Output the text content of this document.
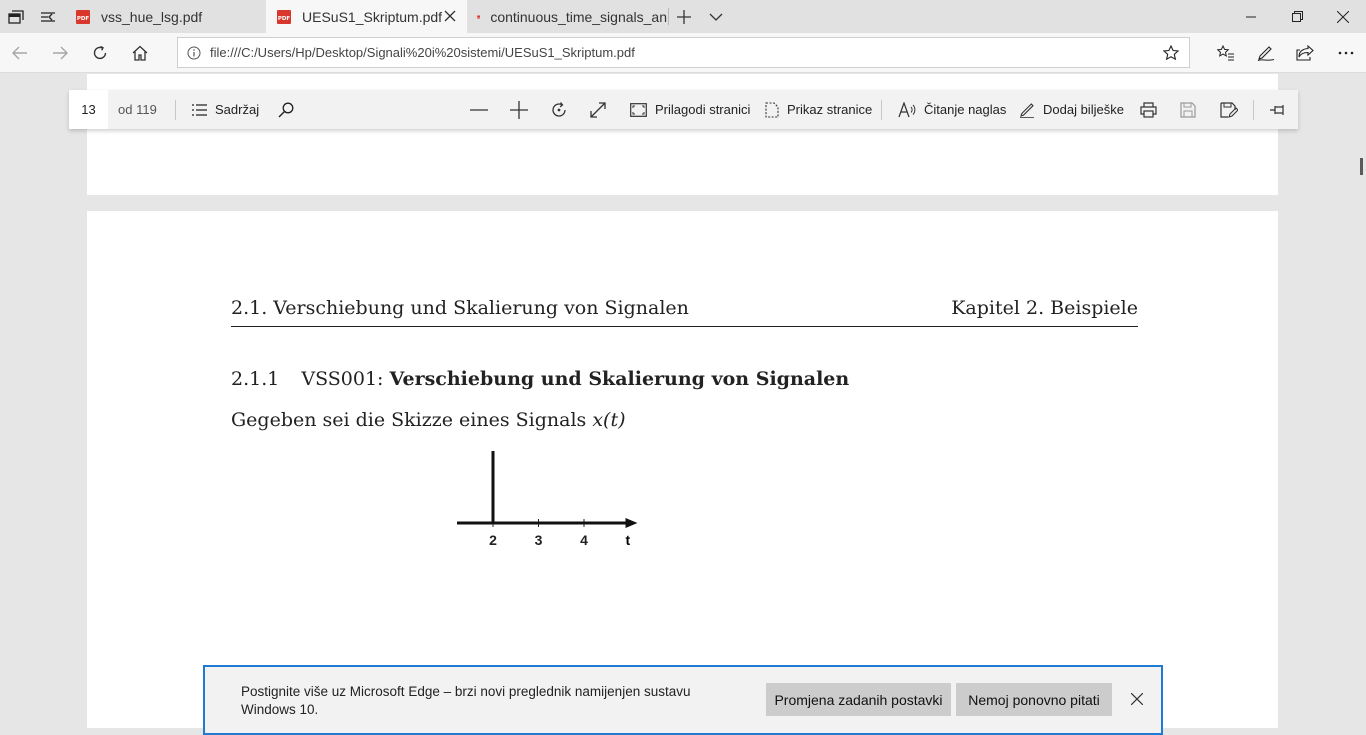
PDF vss_hue_lsg.pdf	PDF UESuS1_Skriptum.pdf	PDF continuous_time_signals_an
file:///C:/Users/Hp/Desktop/Signali%20i%20sistemi/UESuS1_Skriptum.pdf
2.1. Verschiebung und Skalierung von Signalen	Kapitel 2. Beispiele
2.1.1 VSS001: Verschiebung und Skalierung von Signalen
Gegeben sei die Skizze eines Signals x(t)
2	3	4	t
13 od 119	Sadržaj	Prilagodi stranici	Prikaz stranice	Čitanje naglas	Dodaj bilješke
Postignite više uz Microsoft Edge – brzi novi preglednik namijenjen sustavu Windows 10.
Promjena zadanih postavki	Nemoj ponovno pitati
